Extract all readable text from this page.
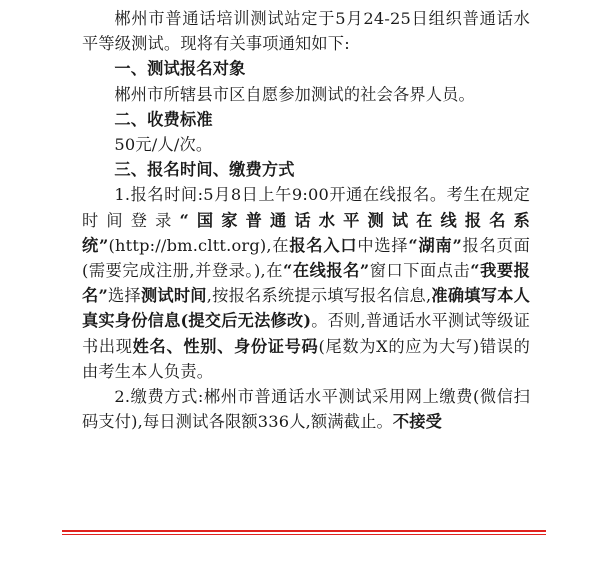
郴州市普通话培训测试站定于5月24-25日组织普通话水平等级测试。现将有关事项通知如下:

一、测试报名对象

郴州市所辖县市区自愿参加测试的社会各界人员。

二、收费标准

50元/人/次。

三、报名时间、缴费方式

1.报名时间:5月8日上午9:00开通在线报名。考生在规定时间登录“国家普通话水平测试在线报名系统”(http://bm.cltt.org),在报名入口中选择“湖南”报名页面(需要完成注册,并登录。),在“在线报名”窗口下面点击“我要报名”选择测试时间,按报名系统提示填写报名信息,准确填写本人真实身份信息(提交后无法修改)。否则,普通话水平测试等级证书出现姓名、性别、身份证号码(尾数为X的应为大写)错误的由考生本人负责。

2.缴费方式:郴州市普通话水平测试采用网上缴费(微信扫码支付),每日测试各限额336人,额满截止。不接受
